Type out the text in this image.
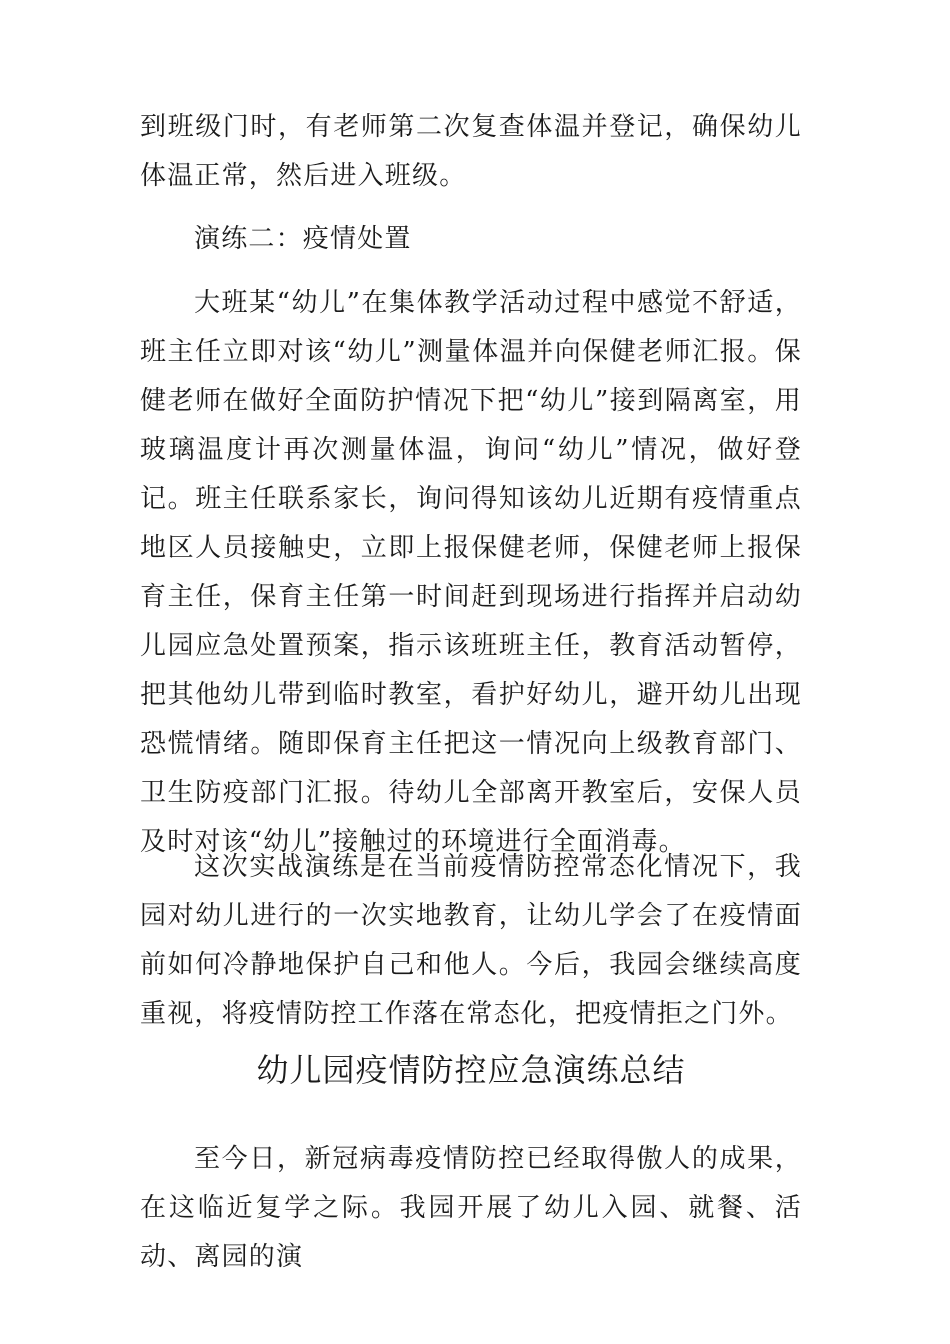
到班级门时，有老师第二次复查体温并登记，确保幼儿体温正常，然后进入班级。

演练二：疫情处置

大班某“幼儿”在集体教学活动过程中感觉不舒适，班主任立即对该“幼儿”测量体温并向保健老师汇报。保健老师在做好全面防护情况下把“幼儿”接到隔离室，用玻璃温度计再次测量体温，询问“幼儿”情况，做好登记。班主任联系家长，询问得知该幼儿近期有疫情重点地区人员接触史，立即上报保健老师，保健老师上报保育主任，保育主任第一时间赶到现场进行指挥并启动幼儿园应急处置预案，指示该班班主任，教育活动暂停，把其他幼儿带到临时教室，看护好幼儿，避开幼儿出现恐慌情绪。随即保育主任把这一情况向上级教育部门、卫生防疫部门汇报。待幼儿全部离开教室后，安保人员及时对该“幼儿”接触过的环境进行全面消毒。

这次实战演练是在当前疫情防控常态化情况下，我园对幼儿进行的一次实地教育，让幼儿学会了在疫情面前如何冷静地保护自己和他人。今后，我园会继续高度重视，将疫情防控工作落在常态化，把疫情拒之门外。

幼儿园疫情防控应急演练总结

至今日，新冠病毒疫情防控已经取得傲人的成果，在这临近复学之际。我园开展了幼儿入园、就餐、活动、离园的演
